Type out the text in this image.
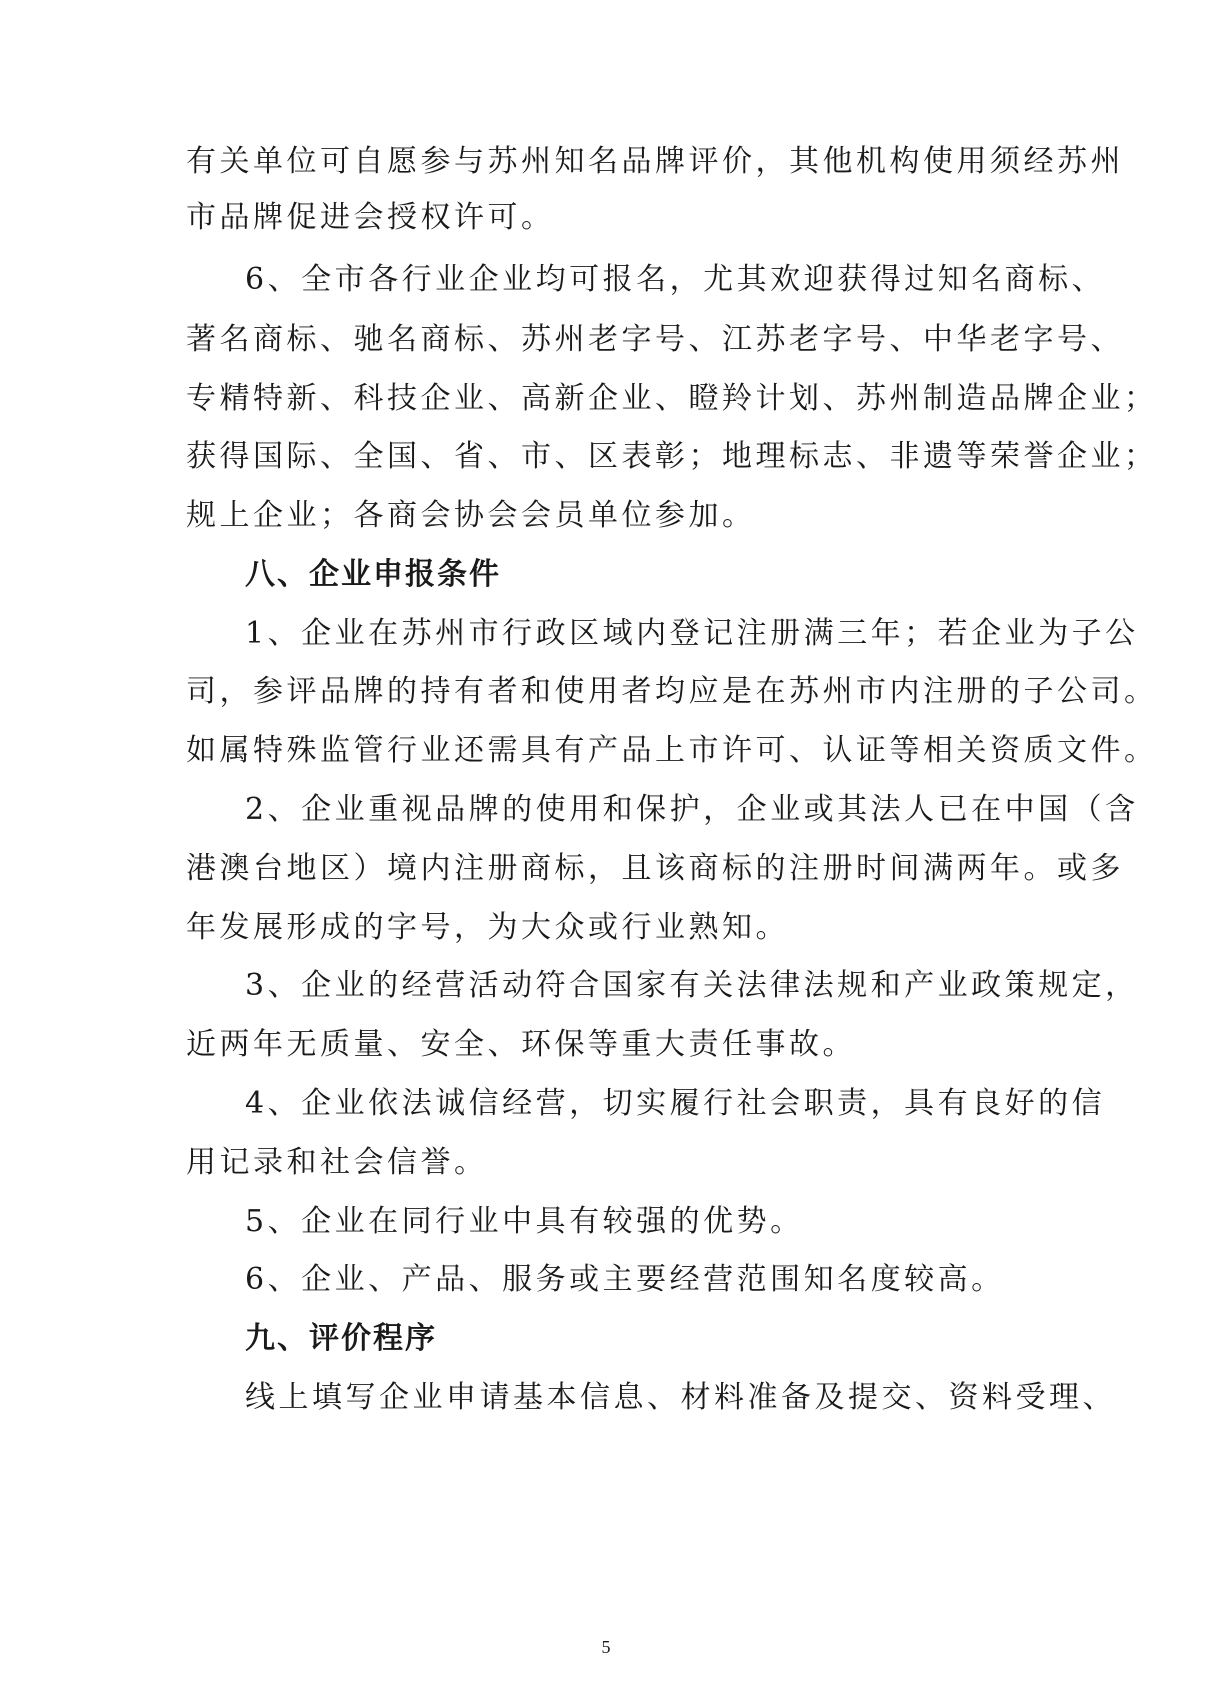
有关单位可自愿参与苏州知名品牌评价，其他机构使用须经苏州
市品牌促进会授权许可。
6、全市各行业企业均可报名，尤其欢迎获得过知名商标、
著名商标、驰名商标、苏州老字号、江苏老字号、中华老字号、
专精特新、科技企业、高新企业、瞪羚计划、苏州制造品牌企业；
获得国际、全国、省、市、区表彰；地理标志、非遗等荣誉企业；
规上企业；各商会协会会员单位参加。
八、企业申报条件
1、企业在苏州市行政区域内登记注册满三年；若企业为子公
司，参评品牌的持有者和使用者均应是在苏州市内注册的子公司。
如属特殊监管行业还需具有产品上市许可、认证等相关资质文件。
2、企业重视品牌的使用和保护，企业或其法人已在中国（含
港澳台地区）境内注册商标，且该商标的注册时间满两年。或多
年发展形成的字号，为大众或行业熟知。
3、企业的经营活动符合国家有关法律法规和产业政策规定，
近两年无质量、安全、环保等重大责任事故。
4、企业依法诚信经营，切实履行社会职责，具有良好的信
用记录和社会信誉。
5、企业在同行业中具有较强的优势。
6、企业、产品、服务或主要经营范围知名度较高。
九、评价程序
线上填写企业申请基本信息、材料准备及提交、资料受理、
5
